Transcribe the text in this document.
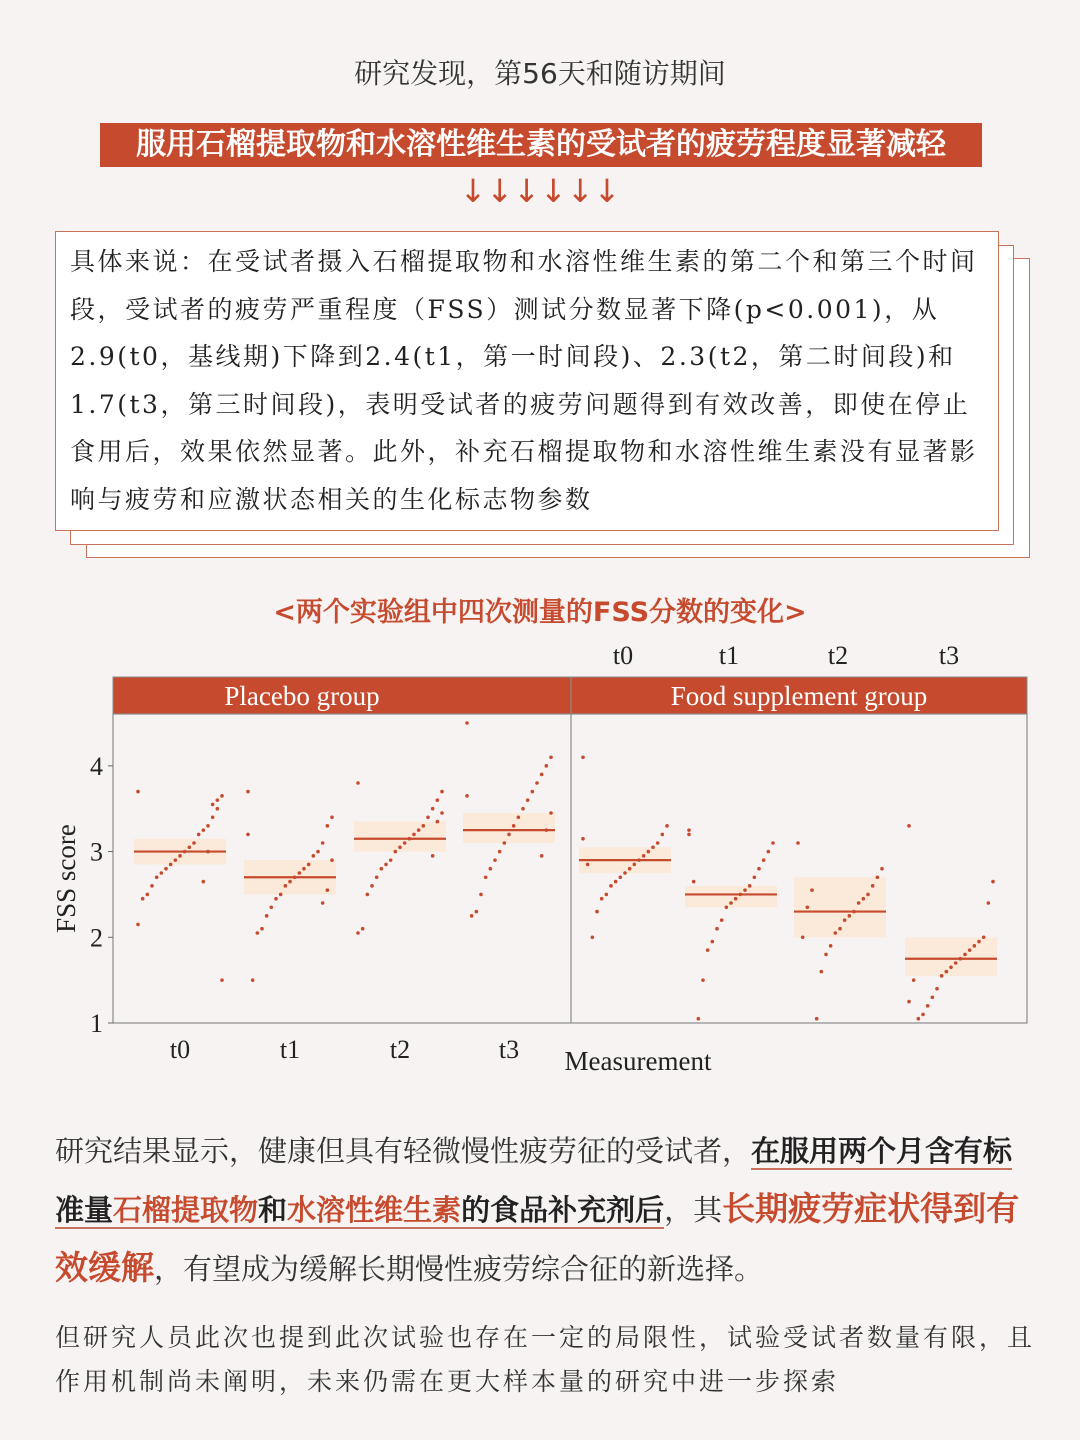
研究发现，第56天和随访期间
服用石榴提取物和水溶性维生素的受试者的疲劳程度显著减轻
↓↓↓↓↓↓
具体来说：在受试者摄入石榴提取物和水溶性维生素的第二个和第三个时间段，受试者的疲劳严重程度（FSS）测试分数显著下降(p<0.001)，从2.9(t0，基线期)下降到2.4(t1，第一时间段)、2.3(t2，第二时间段)和1.7(t3，第三时间段)，表明受试者的疲劳问题得到有效改善，即使在停止食用后，效果依然显著。此外，补充石榴提取物和水溶性维生素没有显著影响与疲劳和应激状态相关的生化标志物参数
<两个实验组中四次测量的FSS分数的变化>
Placebo group	Food supplement group
1
2
3
4
FSS score
t0
t0
t1
t1
t2
t2
t3
t3
Measurement
研究结果显示，健康但具有轻微慢性疲劳征的受试者，在服用两个月含有标准量石榴提取物和水溶性维生素的食品补充剂后，其长期疲劳症状得到有效缓解，有望成为缓解长期慢性疲劳综合征的新选择。
但研究人员此次也提到此次试验也存在一定的局限性，试验受试者数量有限，且作用机制尚未阐明，未来仍需在更大样本量的研究中进一步探索
